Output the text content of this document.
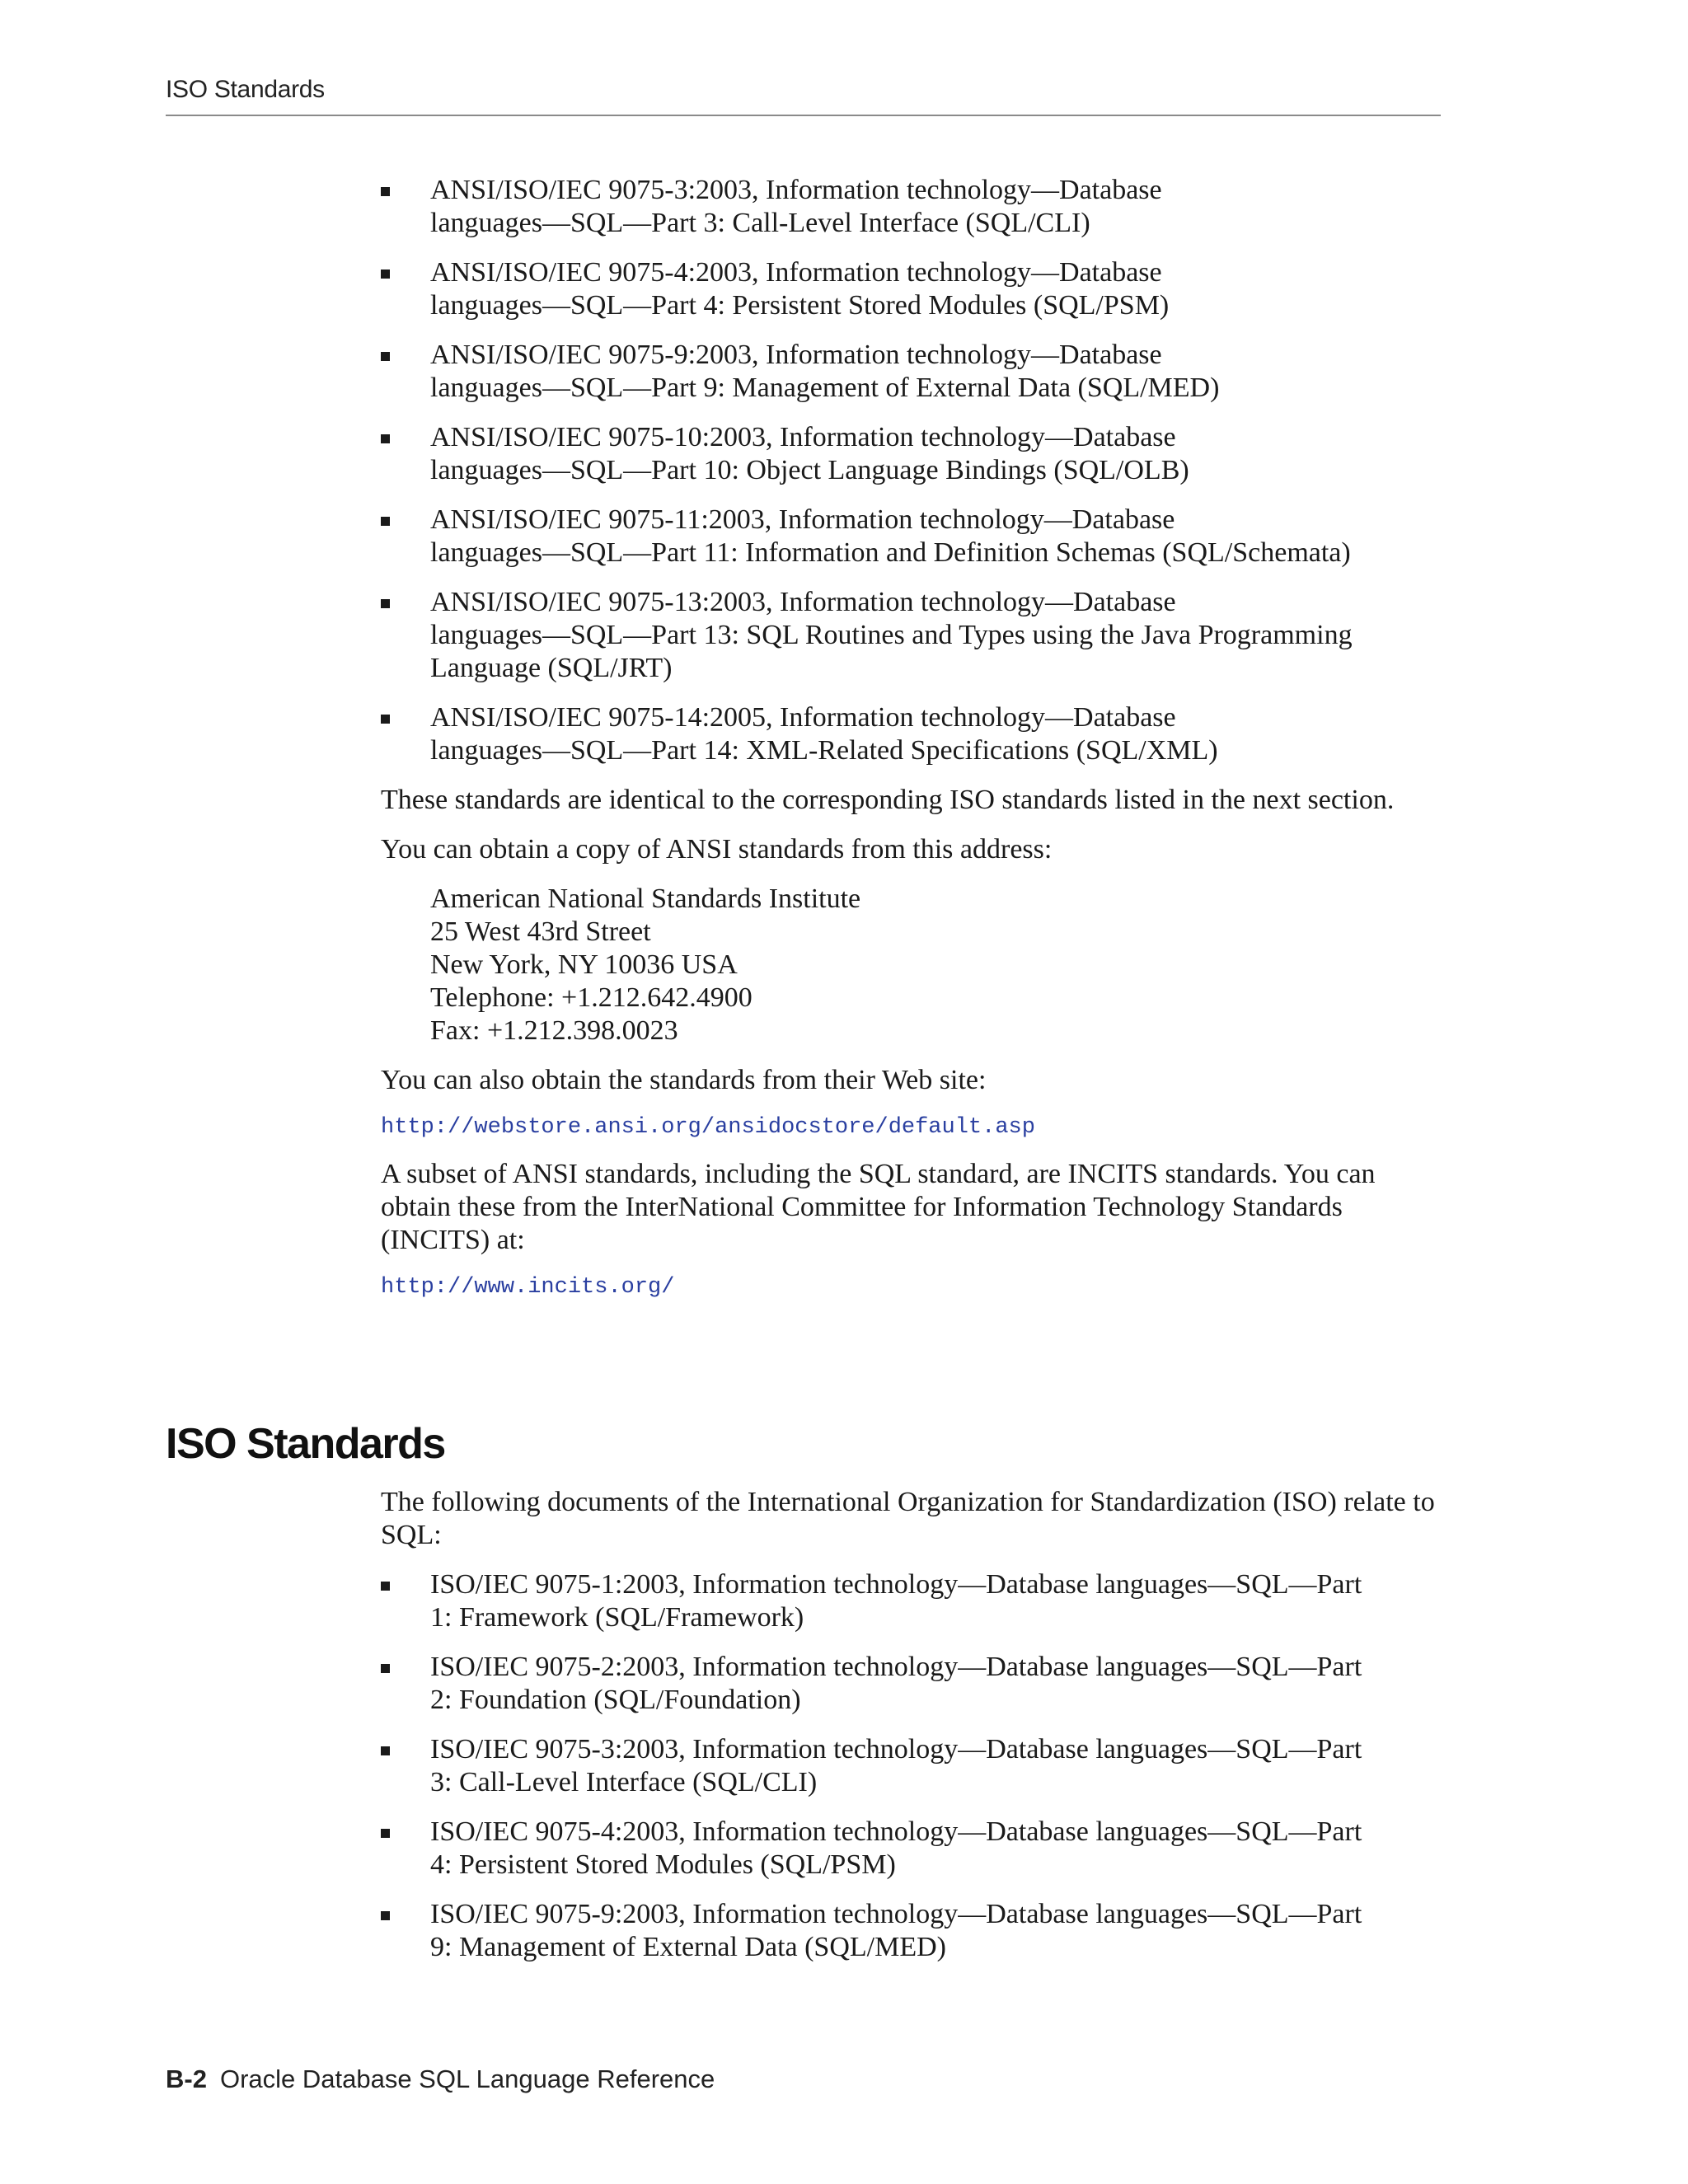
ISO Standards
ANSI/ISO/IEC 9075-3:2003, Information technology—Database
languages—SQL—Part 3: Call-Level Interface (SQL/CLI)
ANSI/ISO/IEC 9075-4:2003, Information technology—Database
languages—SQL—Part 4: Persistent Stored Modules (SQL/PSM)
ANSI/ISO/IEC 9075-9:2003, Information technology—Database
languages—SQL—Part 9: Management of External Data (SQL/MED)
ANSI/ISO/IEC 9075-10:2003, Information technology—Database
languages—SQL—Part 10: Object Language Bindings (SQL/OLB)
ANSI/ISO/IEC 9075-11:2003, Information technology—Database
languages—SQL—Part 11: Information and Definition Schemas (SQL/Schemata)
ANSI/ISO/IEC 9075-13:2003, Information technology—Database
languages—SQL—Part 13: SQL Routines and Types using the Java Programming
Language (SQL/JRT)
ANSI/ISO/IEC 9075-14:2005, Information technology—Database
languages—SQL—Part 14: XML-Related Specifications (SQL/XML)

These standards are identical to the corresponding ISO standards listed in the next section.

You can obtain a copy of ANSI standards from this address:

American National Standards Institute
25 West 43rd Street
New York, NY 10036 USA
Telephone: +1.212.642.4900
Fax: +1.212.398.0023

You can also obtain the standards from their Web site:

http://webstore.ansi.org/ansidocstore/default.asp

A subset of ANSI standards, including the SQL standard, are INCITS standards. You can obtain these from the InterNational Committee for Information Technology Standards (INCITS) at:

http://www.incits.org/
ISO Standards

The following documents of the International Organization for Standardization (ISO) relate to SQL:

ISO/IEC 9075-1:2003, Information technology—Database languages—SQL—Part
1: Framework (SQL/Framework)
ISO/IEC 9075-2:2003, Information technology—Database languages—SQL—Part
2: Foundation (SQL/Foundation)
ISO/IEC 9075-3:2003, Information technology—Database languages—SQL—Part
3: Call-Level Interface (SQL/CLI)
ISO/IEC 9075-4:2003, Information technology—Database languages—SQL—Part
4: Persistent Stored Modules (SQL/PSM)
ISO/IEC 9075-9:2003, Information technology—Database languages—SQL—Part
9: Management of External Data (SQL/MED)
B-2 Oracle Database SQL Language Reference
